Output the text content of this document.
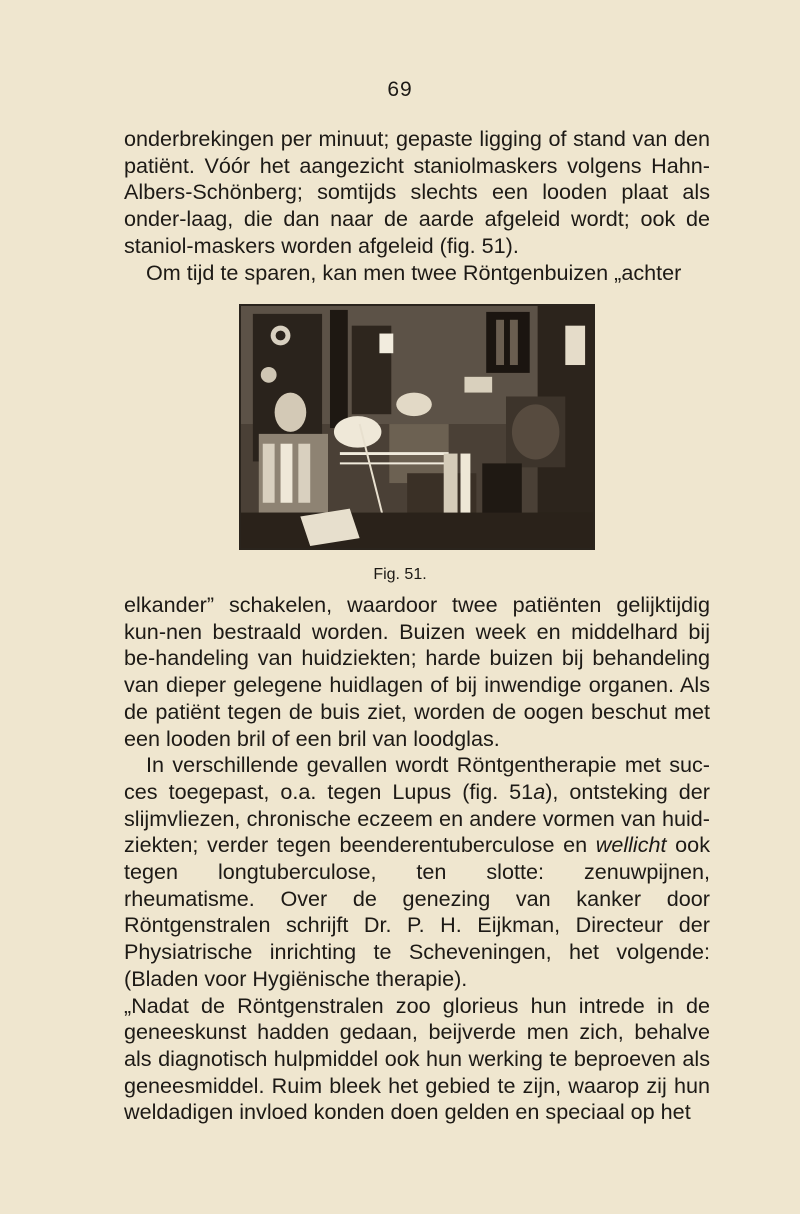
69

onderbrekingen per minuut; gepaste ligging of stand van den patiënt. Vóór het aangezicht staniolmaskers volgens Hahn-Albers-Schönberg; somtijds slechts een looden plaat als onder-laag, die dan naar de aarde afgeleid wordt; ook de staniol-maskers worden afgeleid (fig. 51).

Om tijd te sparen, kan men twee Röntgenbuizen „achter

Fig. 51.

elkander” schakelen, waardoor twee patiënten gelijktijdig kun-nen bestraald worden. Buizen week en middelhard bij be-handeling van huidziekten; harde buizen bij behandeling van dieper gelegene huidlagen of bij inwendige organen. Als de patiënt tegen de buis ziet, worden de oogen beschut met een looden bril of een bril van loodglas.

In verschillende gevallen wordt Röntgentherapie met suc-ces toegepast, o.a. tegen Lupus (fig. 51a), ontsteking der slijmvliezen, chronische eczeem en andere vormen van huid-ziekten; verder tegen beenderentuberculose en wellicht ook tegen longtuberculose, ten slotte: zenuwpijnen, rheumatisme. Over de genezing van kanker door Röntgenstralen schrijft Dr. P. H. Eijkman, Directeur der Physiatrische inrichting te Scheveningen, het volgende: (Bladen voor Hygiënische therapie).

„Nadat de Röntgenstralen zoo glorieus hun intrede in de geneeskunst hadden gedaan, beijverde men zich, behalve als diagnotisch hulpmiddel ook hun werking te beproeven als geneesmiddel. Ruim bleek het gebied te zijn, waarop zij hun weldadigen invloed konden doen gelden en speciaal op het
